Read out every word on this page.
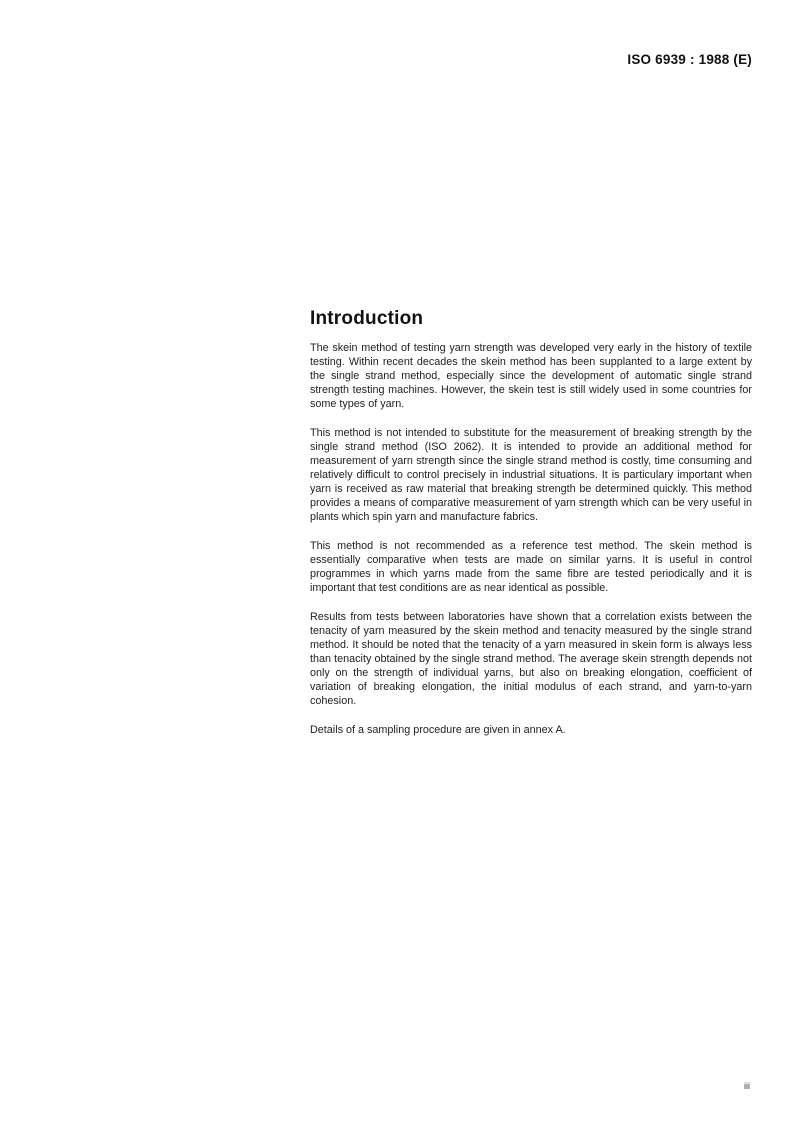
ISO 6939 : 1988 (E)
Introduction

The skein method of testing yarn strength was developed very early in the history of textile testing. Within recent decades the skein method has been supplanted to a large extent by the single strand method, especially since the development of automatic single strand strength testing machines. However, the skein test is still widely used in some countries for some types of yarn.

This method is not intended to substitute for the measurement of breaking strength by the single strand method (ISO 2062). It is intended to provide an additional method for measurement of yarn strength since the single strand method is costly, time consuming and relatively difficult to control precisely in industrial situations. It is particulary important when yarn is received as raw material that breaking strength be determined quickly. This method provides a means of comparative measurement of yarn strength which can be very useful in plants which spin yarn and manufacture fabrics.

This method is not recommended as a reference test method. The skein method is essentially comparative when tests are made on similar yarns. It is useful in control programmes in which yarns made from the same fibre are tested periodically and it is important that test conditions are as near identical as possible.

Results from tests between laboratories have shown that a correlation exists between the tenacity of yarn measured by the skein method and tenacity measured by the single strand method. It should be noted that the tenacity of a yarn measured in skein form is always less than tenacity obtained by the single strand method. The average skein strength depends not only on the strength of individual yarns, but also on breaking elongation, coefficient of variation of breaking elongation, the initial modulus of each strand, and yarn-to-yarn cohesion.

Details of a sampling procedure are given in annex A.

iii
